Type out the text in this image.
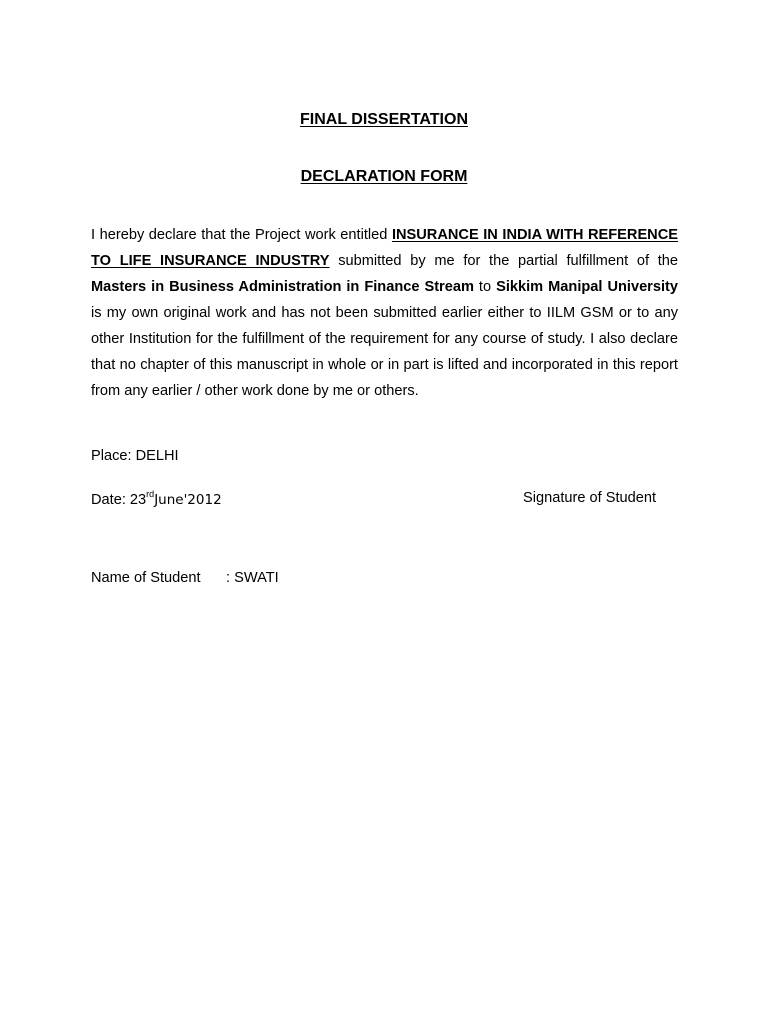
FINAL DISSERTATION
DECLARATION FORM
I hereby declare that the Project work entitled INSURANCE IN INDIA WITH REFERENCE TO LIFE INSURANCE INDUSTRY submitted by me for the partial fulfillment of the Masters in Business Administration in Finance Stream to Sikkim Manipal University is my own original work and has not been submitted earlier either to IILM GSM or to any other Institution for the fulfillment of the requirement for any course of study. I also declare that no chapter of this manuscript in whole or in part is lifted and incorporated in this report from any earlier / other work done by me or others.
Place: DELHI
Date: 23rdJune'2012	Signature of Student
Name of Student : SWATI
